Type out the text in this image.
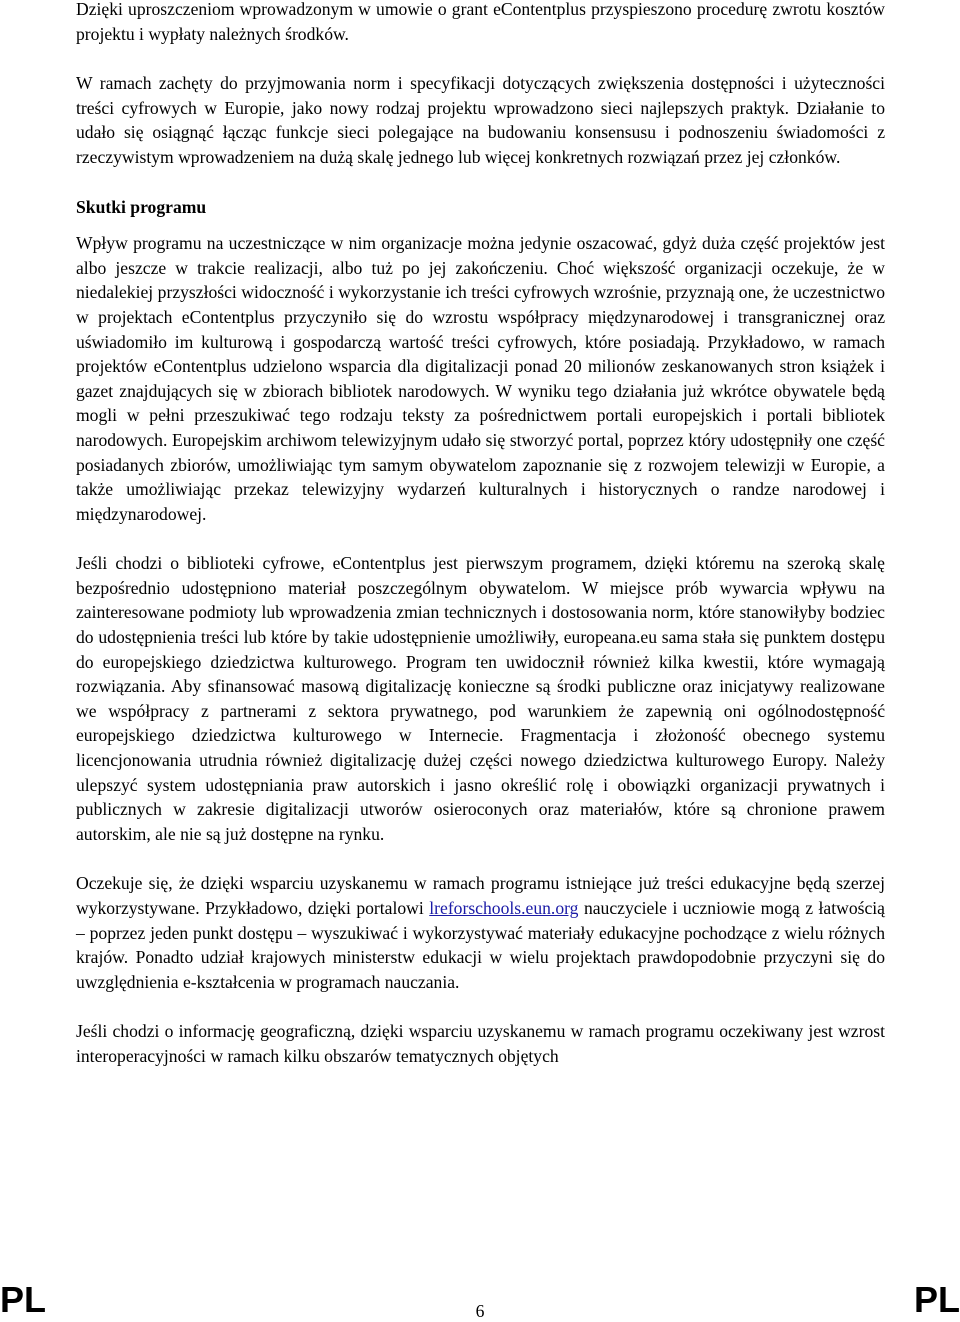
Dzięki uproszczeniom wprowadzonym w umowie o grant eContentplus przyspieszono procedurę zwrotu kosztów projektu i wypłaty należnych środków.

W ramach zachęty do przyjmowania norm i specyfikacji dotyczących zwiększenia dostępności i użyteczności treści cyfrowych w Europie, jako nowy rodzaj projektu wprowadzono sieci najlepszych praktyk. Działanie to udało się osiągnąć łącząc funkcje sieci polegające na budowaniu konsensusu i podnoszeniu świadomości z rzeczywistym wprowadzeniem na dużą skalę jednego lub więcej konkretnych rozwiązań przez jej członków.

Skutki programu

Wpływ programu na uczestniczące w nim organizacje można jedynie oszacować, gdyż duża część projektów jest albo jeszcze w trakcie realizacji, albo tuż po jej zakończeniu. Choć większość organizacji oczekuje, że w niedalekiej przyszłości widoczność i wykorzystanie ich treści cyfrowych wzrośnie, przyznają one, że uczestnictwo w projektach eContentplus przyczyniło się do wzrostu współpracy międzynarodowej i transgranicznej oraz uświadomiło im kulturową i gospodarczą wartość treści cyfrowych, które posiadają. Przykładowo, w ramach projektów eContentplus udzielono wsparcia dla digitalizacji ponad 20 milionów zeskanowanych stron książek i gazet znajdujących się w zbiorach bibliotek narodowych. W wyniku tego działania już wkrótce obywatele będą mogli w pełni przeszukiwać tego rodzaju teksty za pośrednictwem portali europejskich i portali bibliotek narodowych. Europejskim archiwom telewizyjnym udało się stworzyć portal, poprzez który udostępniły one część posiadanych zbiorów, umożliwiając tym samym obywatelom zapoznanie się z rozwojem telewizji w Europie, a także umożliwiając przekaz telewizyjny wydarzeń kulturalnych i historycznych o randze narodowej i międzynarodowej.

Jeśli chodzi o biblioteki cyfrowe, eContentplus jest pierwszym programem, dzięki któremu na szeroką skalę bezpośrednio udostępniono materiał poszczególnym obywatelom. W miejsce prób wywarcia wpływu na zainteresowane podmioty lub wprowadzenia zmian technicznych i dostosowania norm, które stanowiłyby bodziec do udostępnienia treści lub które by takie udostępnienie umożliwiły, europeana.eu sama stała się punktem dostępu do europejskiego dziedzictwa kulturowego. Program ten uwidocznił również kilka kwestii, które wymagają rozwiązania. Aby sfinansować masową digitalizację konieczne są środki publiczne oraz inicjatywy realizowane we współpracy z partnerami z sektora prywatnego, pod warunkiem że zapewnią oni ogólnodostępność europejskiego dziedzictwa kulturowego w Internecie. Fragmentacja i złożoność obecnego systemu licencjonowania utrudnia również digitalizację dużej części nowego dziedzictwa kulturowego Europy. Należy ulepszyć system udostępniania praw autorskich i jasno określić rolę i obowiązki organizacji prywatnych i publicznych w zakresie digitalizacji utworów osieroconych oraz materiałów, które są chronione prawem autorskim, ale nie są już dostępne na rynku.

Oczekuje się, że dzięki wsparciu uzyskanemu w ramach programu istniejące już treści edukacyjne będą szerzej wykorzystywane. Przykładowo, dzięki portalowi lreforschools.eun.org nauczyciele i uczniowie mogą z łatwością – poprzez jeden punkt dostępu – wyszukiwać i wykorzystywać materiały edukacyjne pochodzące z wielu różnych krajów. Ponadto udział krajowych ministerstw edukacji w wielu projektach prawdopodobnie przyczyni się do uwzględnienia e-kształcenia w programach nauczania.

Jeśli chodzi o informację geograficzną, dzięki wsparciu uzyskanemu w ramach programu oczekiwany jest wzrost interoperacyjności w ramach kilku obszarów tematycznych objętych

PL	6	PL
